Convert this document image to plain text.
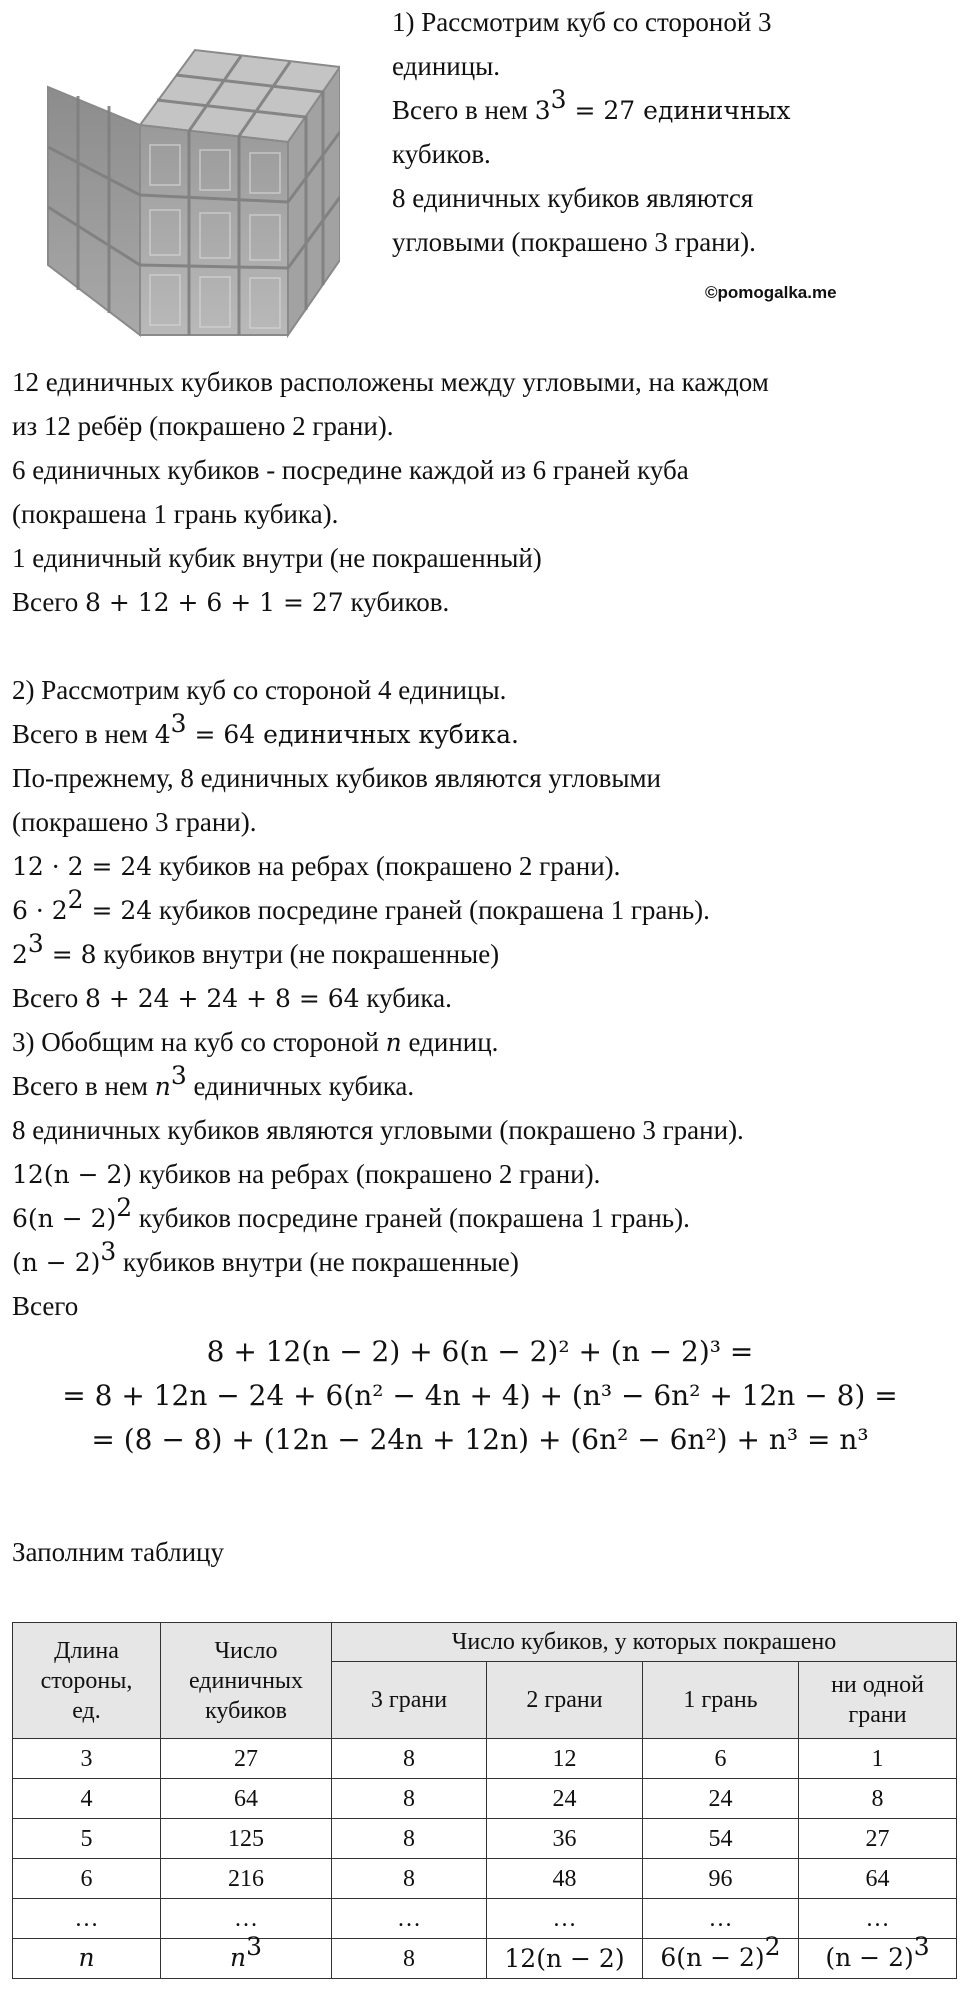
1) Рассмотрим куб со стороной 3
единицы.
Всего в нем $3^3 = 27$ единичных
кубиков.
8 единичных кубиков являются
угловыми (покрашено 3 грани).
©pomogalka.me
12 единичных кубиков расположены между угловыми, на каждом
из 12 ребёр (покрашено 2 грани).
6 единичных кубиков - посредине каждой из 6 граней куба
(покрашена 1 грань кубика).
1 единичный кубик внутри (не покрашенный)
Всего 8 + 12 + 6 + 1 = 27 кубиков.
2) Рассмотрим куб со стороной 4 единицы.
Всего в нем $4^3 = 64$ единичных кубика.
По-прежнему, 8 единичных кубиков являются угловыми
(покрашено 3 грани).
12 · 2 = 24 кубиков на ребрах (покрашено 2 грани).
$6 \cdot 2^2 = 24$ кубиков посредине граней (покрашена 1 грань).
$2^3 = 8$ кубиков внутри (не покрашенные)
Всего 8 + 24 + 24 + 8 = 64 кубика.
3) Обобщим на куб со стороной n единиц.
Всего в нем $n^3$ единичных кубика.
8 единичных кубиков являются угловыми (покрашено 3 грани).
12(n − 2) кубиков на ребрах (покрашено 2 грани).
$6(n - 2)^2$ кубиков посредине граней (покрашена 1 грань).
$(n - 2)^3$ кубиков внутри (не покрашенные)
Всего
8 + 12(n − 2) + 6(n − 2)² + (n − 2)³ =
= 8 + 12n − 24 + 6(n² − 4n + 4) + (n³ − 6n² + 12n − 8) =
= (8 − 8) + (12n − 24n + 12n) + (6n² − 6n²) + n³ = n³
Заполним таблицу
Длина
стороны,
ед.	Число
единичных
кубиков	Число кубиков, у которых покрашено			
		3 грани	2 грани	1 грань	ни одной
грани
3	27	8	12	6	1
4	64	8	24	24	8
5	125	8	36	54	27
6	216	8	48	96	64
…	…	…	…	…	…
n	$n^3$	8	12(n − 2)	$6(n - 2)^2$	$(n - 2)^3$
